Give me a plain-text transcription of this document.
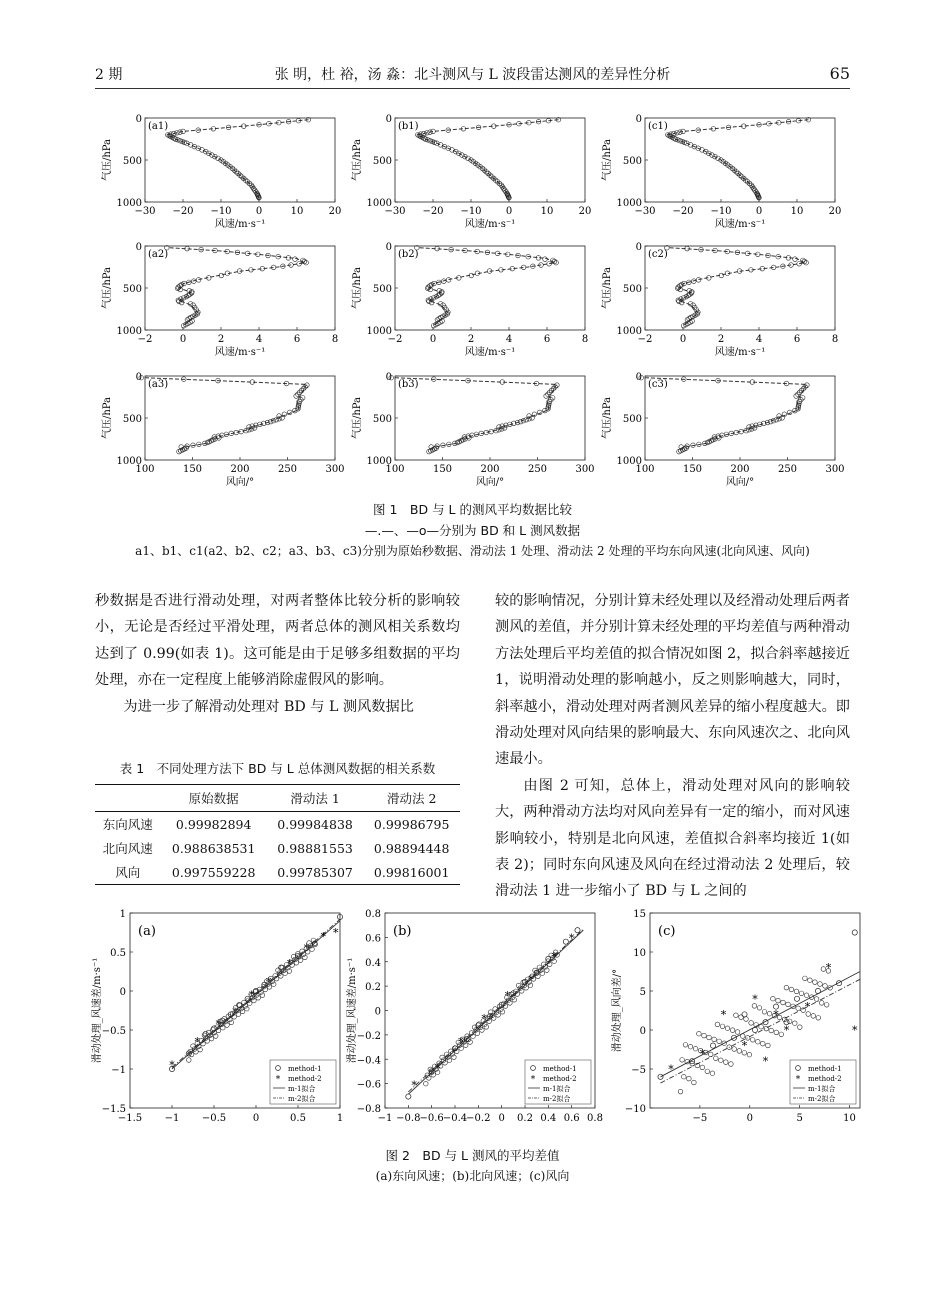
2 期	张 明，杜 裕，汤 淼：北斗测风与 L 波段雷达测风的差异性分析	65
0
500
1000
−30 −20 −10 0	10	20
风速/m·s⁻¹
气压/hPa
(a1)
0
500
1000
−30 −20 −10 0	10	20
风速/m·s⁻¹
气压/hPa
(b1)
0
500
1000
−30 −20 −10 0	10	20
风速/m·s⁻¹
气压/hPa
(c1)
0
500
1000
−2	0	2	4	6	8
风速/m·s⁻¹
气压/hPa
(a2)
0
500
1000
−2	0	2	4	6	8
风速/m·s⁻¹
气压/hPa
(b2)
0
500
1000
−2	0	2	4	6	8
风速/m·s⁻¹
气压/hPa
(c2)
0
500
1000
100	150	200	250	300
风向/°
气压/hPa
(a3)
0
500
1000
100	150	200	250	300
风向/°
气压/hPa
(b3)
0
500
1000
100	150	200	250	300
风向/°
气压/hPa
(c3)
图 1　BD 与 L 的测风平均数据比较
—.—、—o—分别为 BD 和 L 测风数据
a1、b1、c1(a2、b2、c2；a3、b3、c3)分别为原始秒数据、滑动法 1 处理、滑动法 2 处理的平均东向风速(北向风速、风向)

秒数据是否进行滑动处理，对两者整体比较分析的影响较小，无论是否经过平滑处理，两者总体的测风相关系数均达到了 0.99(如表 1)。这可能是由于足够多组数据的平均处理，亦在一定程度上能够消除虚假风的影响。

为进一步了解滑动处理对 BD 与 L 测风数据比

较的影响情况，分别计算未经处理以及经滑动处理后两者测风的差值，并分别计算未经处理的平均差值与两种滑动方法处理后平均差值的拟合情况如图 2，拟合斜率越接近 1，说明滑动处理的影响越小，反之则影响越大，同时，斜率越小，滑动处理对两者测风差异的缩小程度越大。即滑动处理对风向结果的影响最大、东向风速次之、北向风速最小。

由图 2 可知，总体上，滑动处理对风向的影响较大，两种滑动方法均对风向差异有一定的缩小，而对风速影响较小，特别是北向风速，差值拟合斜率均接近 1(如表 2)；同时东向风速及风向在经过滑动法 2 处理后，较滑动法 1 进一步缩小了 BD 与 L 之间的

表 1　不同处理方法下 BD 与 L 总体测风数据的相关系数
	原始数据	滑动法 1	滑动法 2
东向风速	0.99982894	0.99984838	0.99986795
北向风速	0.988638531	0.98881553	0.98894448
风向	0.997559228	0.99785307	0.99816001
−1.5 −1 −0.5	0	0.5	1
−1.5
−1
−0.5
0
0.5
1
滑动处理_风速差/m·s⁻¹
(a)
*
*
*
*
*
*
*
*
* *
method-1
* method-2
m-1拟合
m-2拟合
−1 −0.8 −0.6 −0.4 −0.2 0 0.2 0.4 0.6 0.8
−0.8
−0.6
−0.4
−0.2
0
0.2
0.4
0.6
0.8
滑动处理_风速差/m·s⁻¹
(b)
*
*
*
*
*
*
*
*
method-1
* method-2
m-1拟合
m-2拟合
−5	0	5	10
−10
−5
0
5
10
15
滑动处理_风向差/°
(c)
*
*
*
*
*
*
*
*
*
*
*
method-1
* method-2
m-1拟合
m-2拟合
图 2　BD 与 L 测风的平均差值
(a)东向风速；(b)北向风速；(c)风向
